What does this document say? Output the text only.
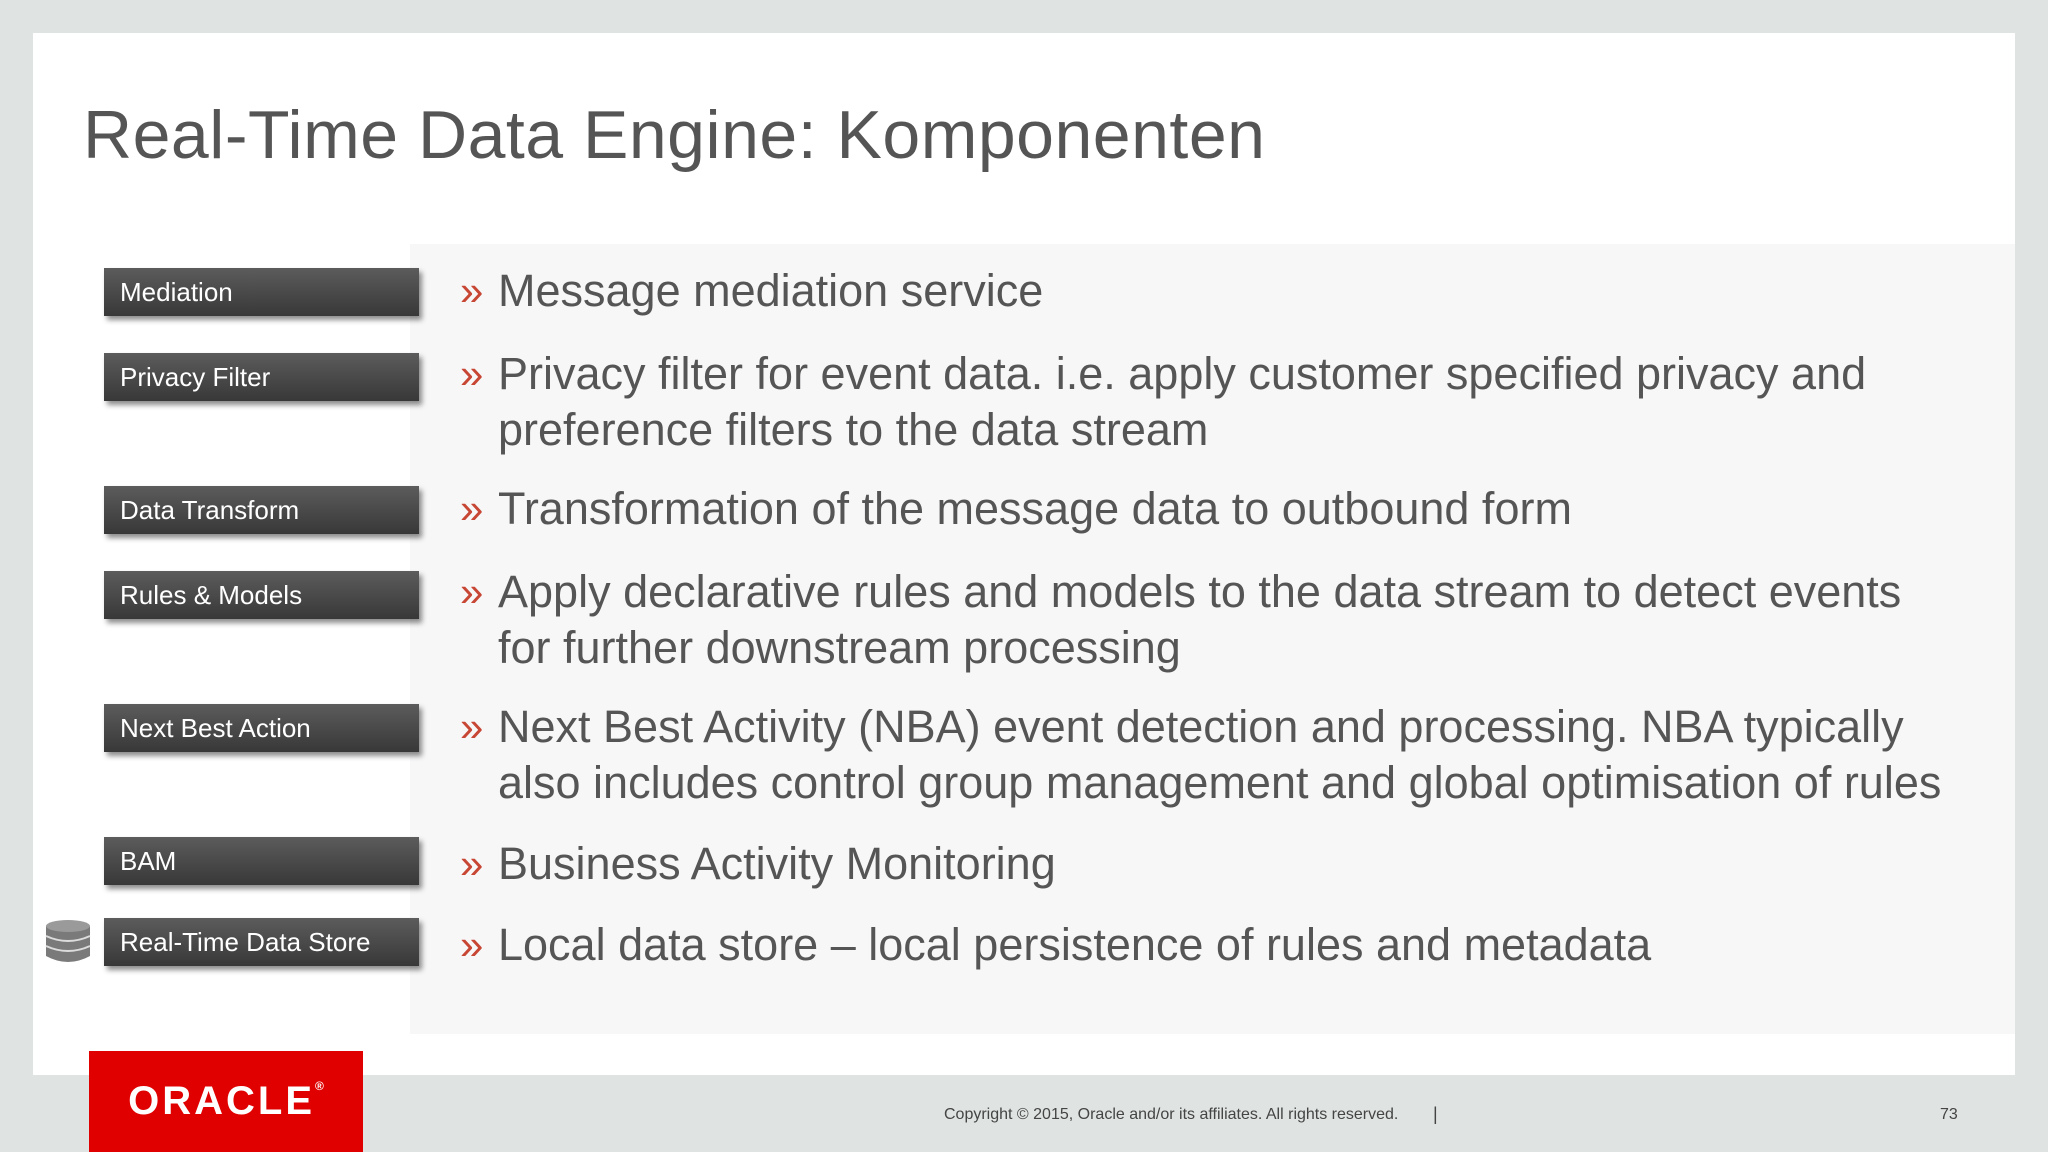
Real-Time Data Engine: Komponenten
Mediation	» Message mediation service
Privacy Filter	» Privacy filter for event data. i.e. apply customer specified privacy and
preference filters to the data stream
Data Transform	» Transformation of the message data to outbound form
Rules & Models	» Apply declarative rules and models to the data stream to detect events
for further downstream processing
Next Best Action	» Next Best Activity (NBA) event detection and processing. NBA typically
also includes control group management and global optimisation of rules
BAM	» Business Activity Monitoring
Real-Time Data Store	» Local data store – local persistence of rules and metadata
ORACLE®
Copyright © 2015, Oracle and/or its affiliates. All rights reserved. |	73
